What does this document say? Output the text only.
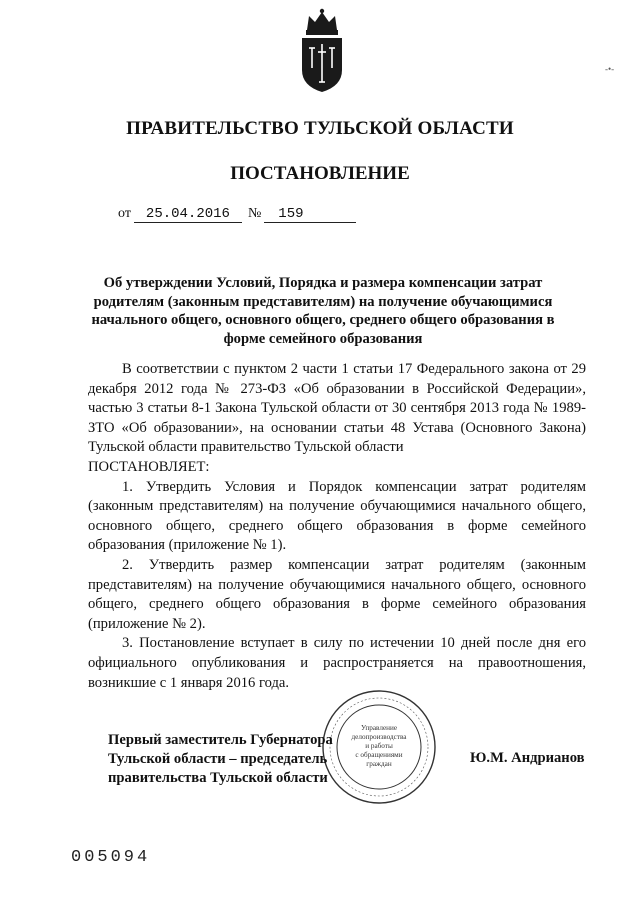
-•-
ПРАВИТЕЛЬСТВО ТУЛЬСКОЙ ОБЛАСТИ
ПОСТАНОВЛЕНИЕ
от 25.04.2016 № 159
Об утверждении Условий, Порядка и размера компенсации затрат родителям (законным представителям) на получение обучающимися начального общего, основного общего, среднего общего образования в форме семейного образования

В соответствии с пунктом 2 части 1 статьи 17 Федерального закона от 29 декабря 2012 года № 273-ФЗ «Об образовании в Российской Федерации», частью 3 статьи 8-1 Закона Тульской области от 30 сентября 2013 года № 1989-ЗТО «Об образовании», на основании статьи 48 Устава (Основного Закона) Тульской области правительство Тульской области

ПОСТАНОВЛЯЕТ:

1. Утвердить Условия и Порядок компенсации затрат родителям (законным представителям) на получение обучающимися начального общего, основного общего, среднего общего образования в форме семейного образования (приложение № 1).

2. Утвердить размер компенсации затрат родителям (законным представителям) на получение обучающимися начального общего, основного общего, среднего общего образования в форме семейного образования (приложение № 2).

3. Постановление вступает в силу по истечении 10 дней после дня его официального опубликования и распространяется на правоотношения, возникшие с 1 января 2016 года.

Управление
делопроизводства
и работы
с обращениями
граждан
Первый заместитель Губернатора
Тульской области – председатель
правительства Тульской области
Ю.М. Андрианов
005094
